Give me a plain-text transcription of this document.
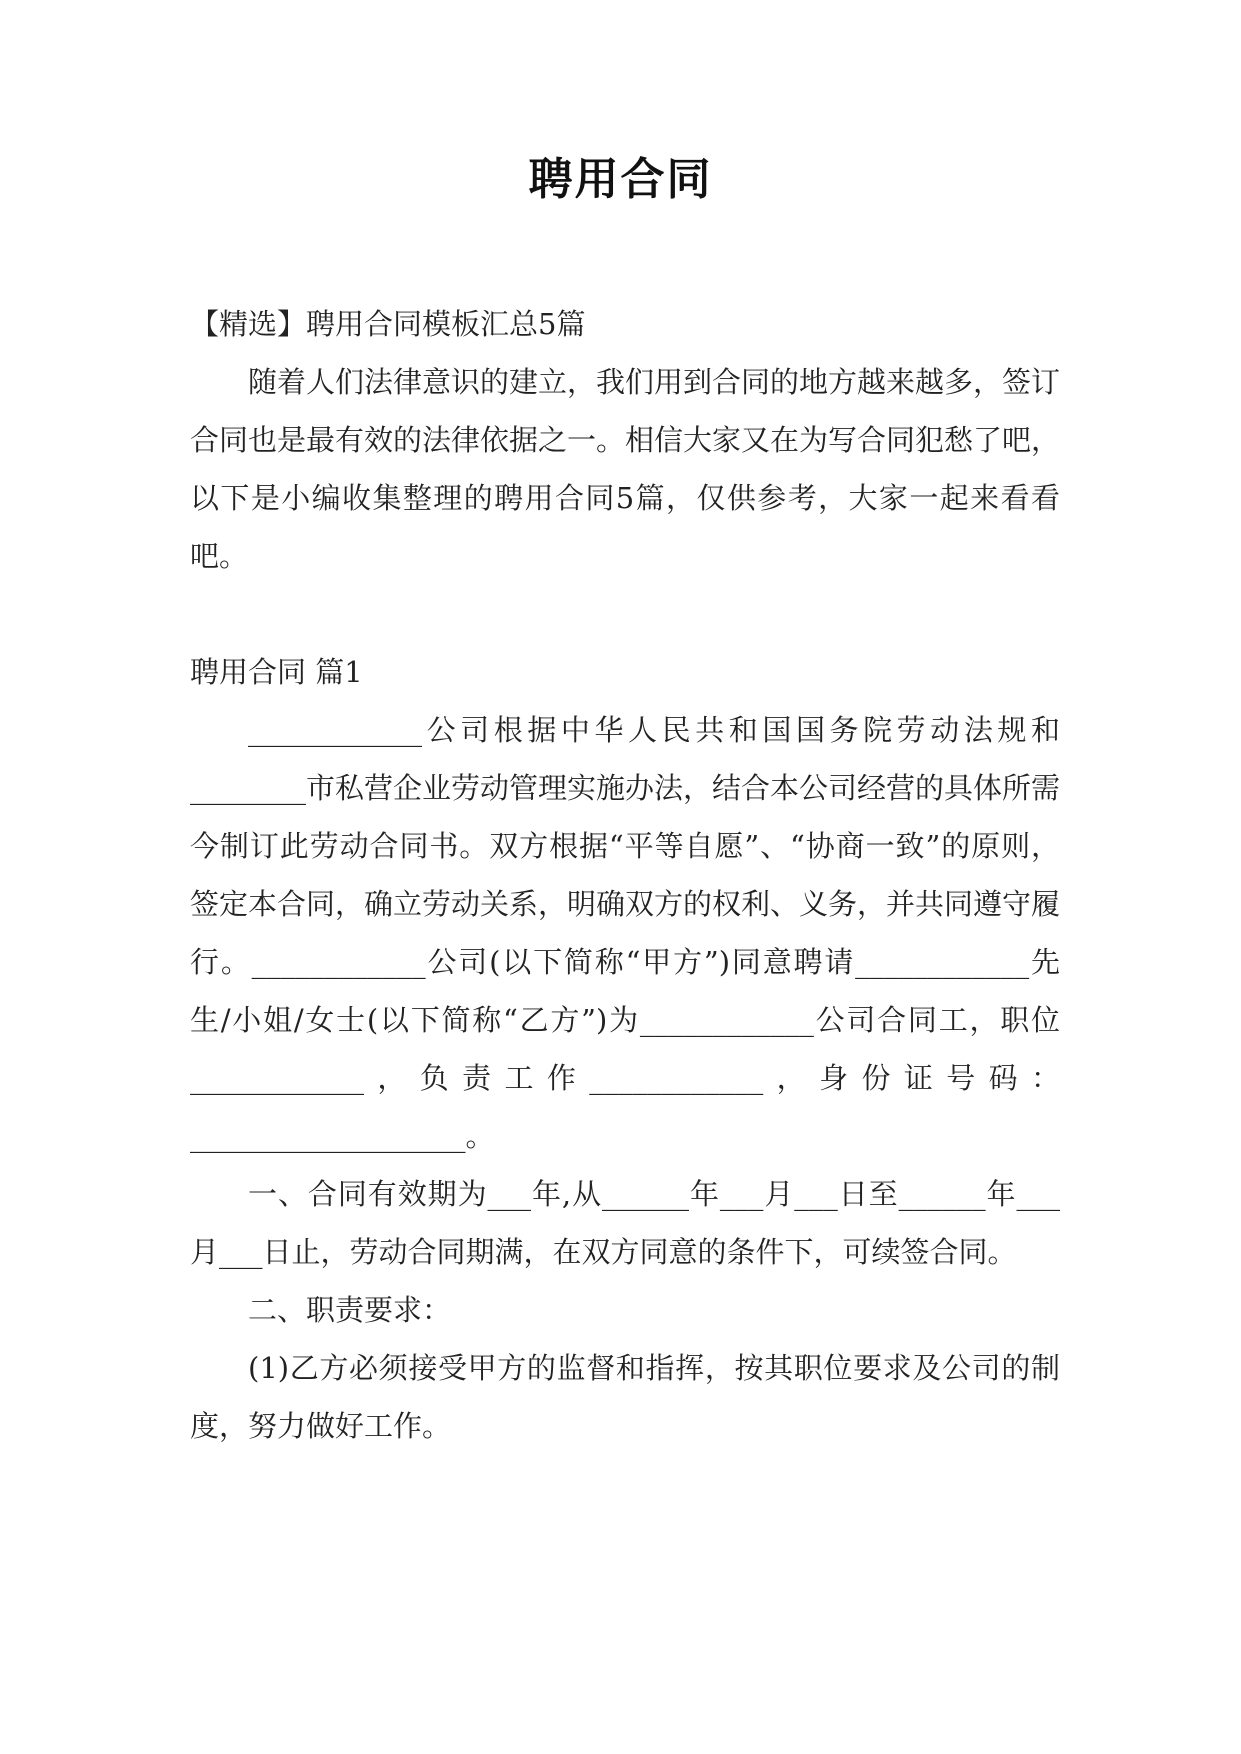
聘用合同

【精选】聘用合同模板汇总5篇

随着人们法律意识的建立，我们用到合同的地方越来越多，签订合同也是最有效的法律依据之一。相信大家又在为写合同犯愁了吧，以下是小编收集整理的聘用合同5篇，仅供参考，大家一起来看看吧。

聘用合同 篇1

____________公司根据中华人民共和国国务院劳动法规和________市私营企业劳动管理实施办法，结合本公司经营的具体所需今制订此劳动合同书。双方根据“平等自愿”、“协商一致”的原则，签定本合同，确立劳动关系，明确双方的权利、义务，并共同遵守履行。____________公司(以下简称“甲方”)同意聘请____________先 生/小姐/女士(以下简称“乙方”)为____________公司合同工，职位____________，负责工作____________，身份证号码：___________________。

一、合同有效期为___年,从______年___月___日至______年___月___日止，劳动合同期满，在双方同意的条件下，可续签合同。

二、职责要求：

(1)乙方必须接受甲方的监督和指挥，按其职位要求及公司的制度，努力做好工作。
